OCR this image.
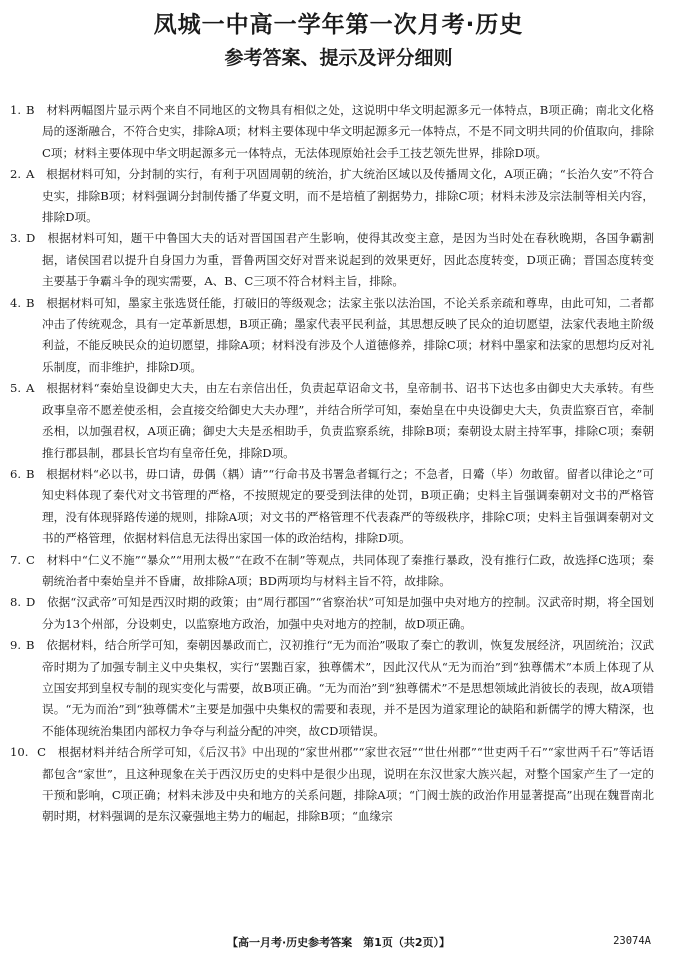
凤城一中高一学年第一次月考·历史
参考答案、提示及评分细则

1. B　 材料两幅图片显示两个来自不同地区的文物具有相似之处，这说明中华文明起源多元一体特点，B项正确；南北文化格局的逐渐融合，不符合史实，排除A项；材料主要体现中华文明起源多元一体特点，不是不同文明共同的价值取向，排除C项；材料主要体现中华文明起源多元一体特点，无法体现原始社会手工技艺领先世界，排除D项。

2. A　 根据材料可知，分封制的实行，有利于巩固周朝的统治，扩大统治区域以及传播周文化，A项正确；“长治久安”不符合史实，排除B项；材料强调分封制传播了华夏文明，而不是培植了割据势力，排除C项；材料未涉及宗法制等相关内容，排除D项。

3. D　 根据材料可知，题干中鲁国大夫的话对晋国国君产生影响，使得其改变主意，是因为当时处在春秋晚期，各国争霸割据，诸侯国君以提升自身国力为重，晋鲁两国交好对晋来说起到的效果更好，因此态度转变，D项正确；晋国态度转变主要基于争霸斗争的现实需要，A、B、C三项不符合材料主旨，排除。

4. B　 根据材料可知，墨家主张选贤任能，打破旧的等级观念；法家主张以法治国，不论关系亲疏和尊卑，由此可知，二者都冲击了传统观念，具有一定革新思想，B项正确；墨家代表平民利益，其思想反映了民众的迫切愿望，法家代表地主阶级利益，不能反映民众的迫切愿望，排除A项；材料没有涉及个人道德修养，排除C项；材料中墨家和法家的思想均反对礼乐制度，而非维护，排除D项。

5. A　 根据材料“秦始皇设御史大夫，由左右亲信出任，负责起草诏命文书，皇帝制书、诏书下达也多由御史大夫承转。有些政事皇帝不愿差使丞相，会直接交给御史大夫办理”，并结合所学可知，秦始皇在中央设御史大夫，负责监察百官，牵制丞相，以加强君权，A项正确；御史大夫是丞相助手，负责监察系统，排除B项；秦朝设太尉主持军事，排除C项；秦朝推行郡县制，郡县长官均有皇帝任免，排除D项。

6. B　 根据材料“必以书，毋口请，毋偶（耦）请”“行命书及书署急者辄行之；不急者，日觱（毕）勿敢留。留者以律论之”可知史料体现了秦代对文书管理的严格，不按照规定的要受到法律的处罚，B项正确；史料主旨强调秦朝对文书的严格管理，没有体现驿路传递的规则，排除A项；对文书的严格管理不代表森严的等级秩序，排除C项；史料主旨强调秦朝对文书的严格管理，依据材料信息无法得出家国一体的政治结构，排除D项。

7. C　 材料中“仁义不施”“暴众”“用刑太极”“在政不在制”等观点，共同体现了秦推行暴政，没有推行仁政，故选择C选项；秦朝统治者中秦始皇并不昏庸，故排除A项；BD两项均与材料主旨不符，故排除。

8. D　 依据“汉武帝”可知是西汉时期的政策；由“周行郡国”“省察治状”可知是加强中央对地方的控制。汉武帝时期，将全国划分为13个州部，分设刺史，以监察地方政治，加强中央对地方的控制，故D项正确。

9. B　 依据材料，结合所学可知，秦朝因暴政而亡，汉初推行“无为而治”吸取了秦亡的教训，恢复发展经济，巩固统治；汉武帝时期为了加强专制主义中央集权，实行“罢黜百家，独尊儒术”，因此汉代从“无为而治”到“独尊儒术”本质上体现了从立国安邦到皇权专制的现实变化与需要，故B项正确。“无为而治”到“独尊儒术”不是思想领域此消彼长的表现，故A项错误。“无为而治”到“独尊儒术”主要是加强中央集权的需要和表现，并不是因为道家理论的缺陷和新儒学的博大精深，也不能体现统治集团内部权力争夺与利益分配的冲突，故CD项错误。

10. C　 根据材料并结合所学可知，《后汉书》中出现的“家世州郡”“家世衣冠”“世仕州郡”“世吏两千石”“家世两千石”等话语都包含“家世”，且这种现象在关于西汉历史的史料中是很少出现，说明在东汉世家大族兴起，对整个国家产生了一定的干预和影响，C项正确；材料未涉及中央和地方的关系问题，排除A项；“门阀士族的政治作用显著提高”出现在魏晋南北朝时期，材料强调的是东汉豪强地主势力的崛起，排除B项；“血缘宗

【高一月考·历史参考答案　第1页（共2页）】	23074A
